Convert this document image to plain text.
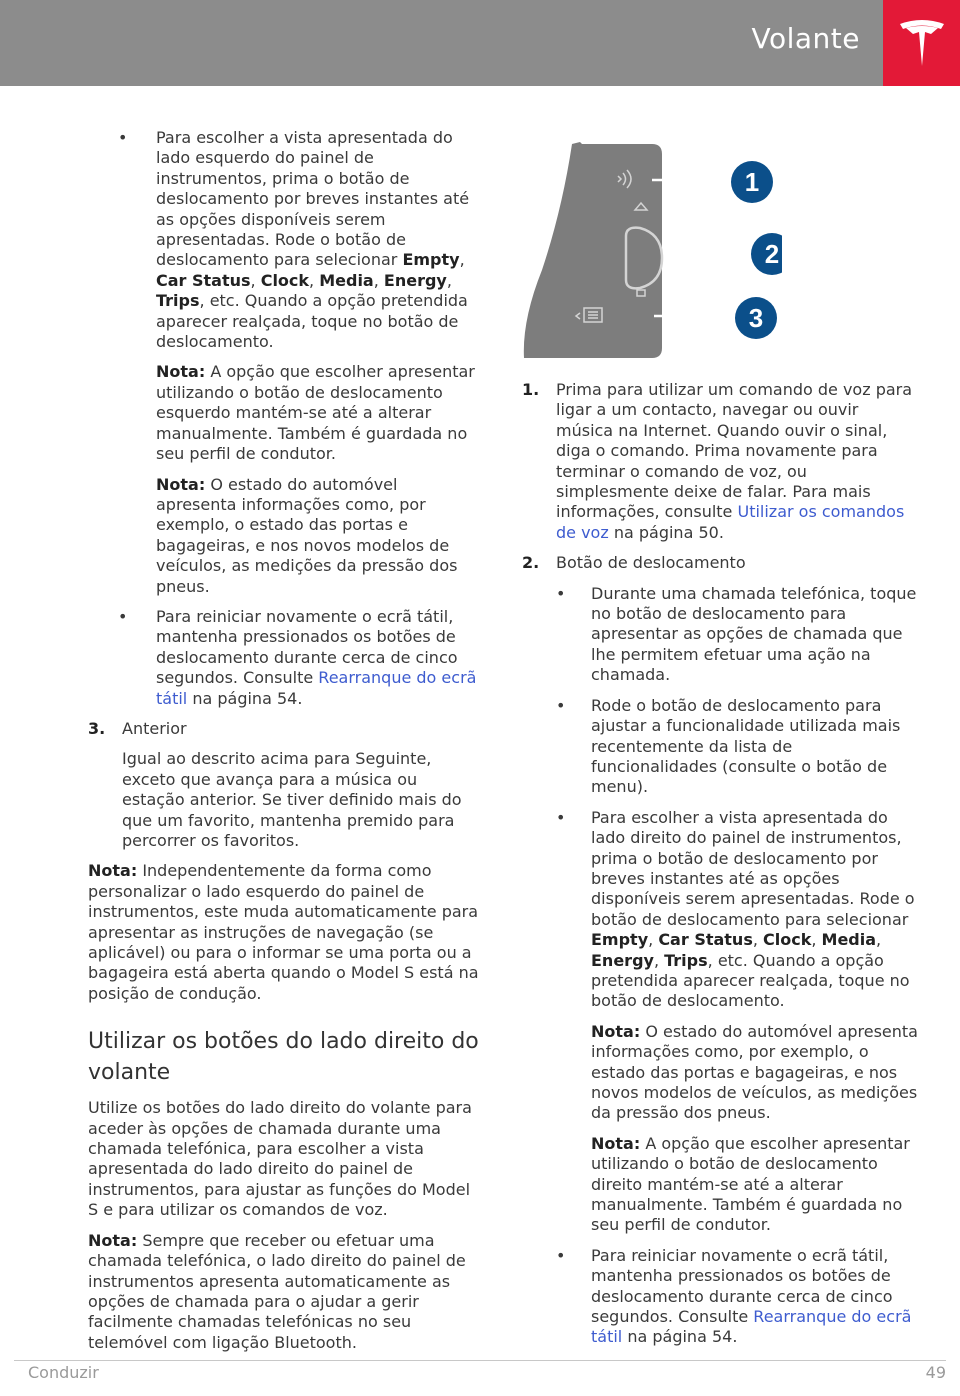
Volante
• Para escolher a vista apresentada do lado esquerdo do painel de instrumentos, prima o botão de deslocamento por breves instantes até as opções disponíveis serem apresentadas. Rode o botão de deslocamento para selecionar Empty, Car Status, Clock, Media, Energy, Trips, etc. Quando a opção pretendida aparecer realçada, toque no botão de deslocamento.
Nota: A opção que escolher apresentar utilizando o botão de deslocamento esquerdo mantém-se até a alterar manualmente. Também é guardada no seu perfil de condutor.
Nota: O estado do automóvel apresenta informações como, por exemplo, o estado das portas e bagageiras, e nos novos modelos de veículos, as medições da pressão dos pneus.
• Para reiniciar novamente o ecrã tátil, mantenha pressionados os botões de deslocamento durante cerca de cinco segundos. Consulte Rearranque do ecrã tátil na página 54.
3. Anterior
Igual ao descrito acima para Seguinte, exceto que avança para a música ou estação anterior. Se tiver definido mais do que um favorito, mantenha premido para percorrer os favoritos.

Nota: Independentemente da forma como personalizar o lado esquerdo do painel de instrumentos, este muda automaticamente para apresentar as instruções de navegação (se aplicável) ou para o informar se uma porta ou a bagageira está aberta quando o Model S está na posição de condução.

Utilizar os botões do lado direito do volante

Utilize os botões do lado direito do volante para aceder às opções de chamada durante uma chamada telefónica, para escolher a vista apresentada do lado direito do painel de instrumentos, para ajustar as funções do Model S e para utilizar os comandos de voz.

Nota: Sempre que receber ou efetuar uma chamada telefónica, o lado direito do painel de instrumentos apresenta automaticamente as opções de chamada para o ajudar a gerir facilmente chamadas telefónicas no seu telemóvel com ligação Bluetooth.

1
2
3
1. Prima para utilizar um comando de voz para ligar a um contacto, navegar ou ouvir música na Internet. Quando ouvir o sinal, diga o comando. Prima novamente para terminar o comando de voz, ou simplesmente deixe de falar. Para mais informações, consulte Utilizar os comandos de voz na página 50.
2. Botão de deslocamento
• Durante uma chamada telefónica, toque no botão de deslocamento para apresentar as opções de chamada que lhe permitem efetuar uma ação na chamada.
• Rode o botão de deslocamento para ajustar a funcionalidade utilizada mais recentemente da lista de funcionalidades (consulte o botão de menu).
• Para escolher a vista apresentada do lado direito do painel de instrumentos, prima o botão de deslocamento por breves instantes até as opções disponíveis serem apresentadas. Rode o botão de deslocamento para selecionar Empty, Car Status, Clock, Media, Energy, Trips, etc. Quando a opção pretendida aparecer realçada, toque no botão de deslocamento.
Nota: O estado do automóvel apresenta informações como, por exemplo, o estado das portas e bagageiras, e nos novos modelos de veículos, as medições da pressão dos pneus.
Nota: A opção que escolher apresentar utilizando o botão de deslocamento direito mantém-se até a alterar manualmente. Também é guardada no seu perfil de condutor.
• Para reiniciar novamente o ecrã tátil, mantenha pressionados os botões de deslocamento durante cerca de cinco segundos. Consulte Rearranque do ecrã tátil na página 54.
Conduzir	49
